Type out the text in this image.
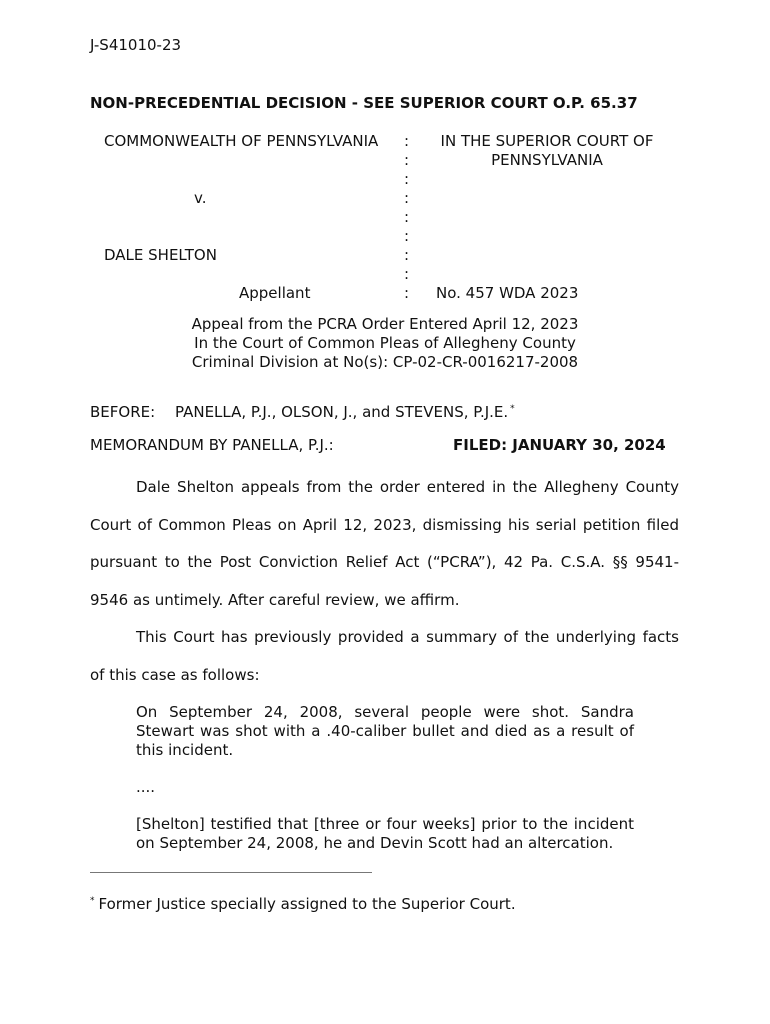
J-S41010-23
NON-PRECEDENTIAL DECISION - SEE SUPERIOR COURT O.P. 65.37
COMMONWEALTH OF PENNSYLVANIA :
:
:
:
:
:
:
:
:
IN THE SUPERIOR COURT OF
PENNSYLVANIA
v.
DALE SHELTON
Appellant	No. 457 WDA 2023
Appeal from the PCRA Order Entered April 12, 2023
In the Court of Common Pleas of Allegheny County
Criminal Division at No(s): CP-02-CR-0016217-2008
BEFORE: PANELLA, P.J., OLSON, J., and STEVENS, P.J.E. *
MEMORANDUM BY PANELLA, P.J.:	FILED: JANUARY 30, 2024
Dale Shelton appeals from the order entered in the Allegheny County
Court of Common Pleas on April 12, 2023, dismissing his serial petition filed
pursuant to the Post Conviction Relief Act (“PCRA”), 42 Pa. C.S.A. §§ 9541-
9546 as untimely. After careful review, we affirm.
This Court has previously provided a summary of the underlying facts
of this case as follows:
On September 24, 2008, several people were shot. Sandra Stewart was shot with a .40-caliber bullet and died as a result of this incident.
....
[Shelton] testified that [three or four weeks] prior to the incident on September 24, 2008, he and Devin Scott had an altercation.
* Former Justice specially assigned to the Superior Court.
